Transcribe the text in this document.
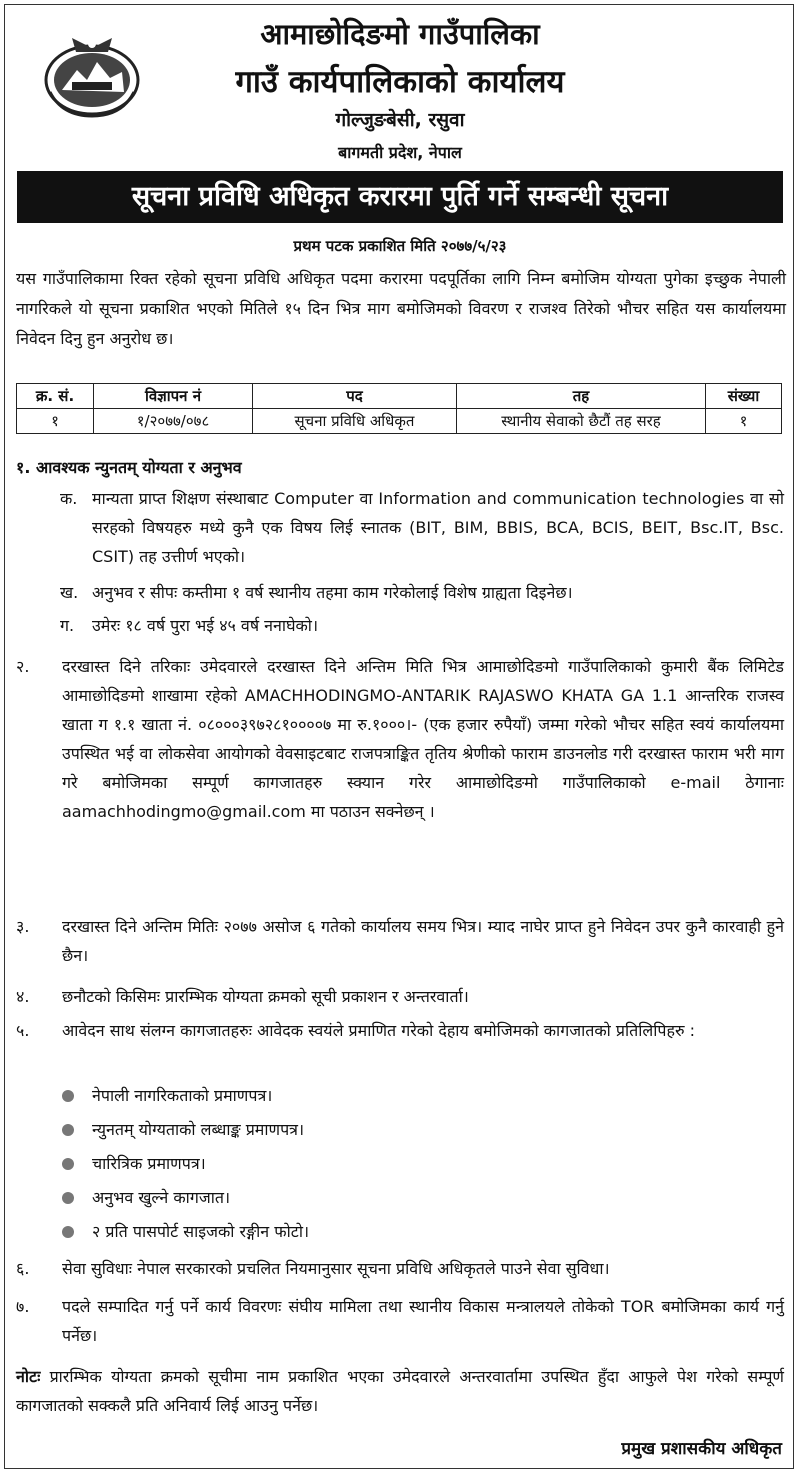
आमाछोदिङमो गाउँपालिका
गाउँ कार्यपालिकाको कार्यालय
गोल्जुङबेसी, रसुवा
बागमती प्रदेश, नेपाल
सूचना प्रविधि अधिकृत करारमा पुर्ति गर्ने सम्बन्धी सूचना
प्रथम पटक प्रकाशित मिति २०७७/५/२३
यस गाउँपालिकामा रिक्त रहेको सूचना प्रविधि अधिकृत पदमा करारमा पदपूर्तिका लागि निम्न बमोजिम योग्यता पुगेका इच्छुक नेपाली नागरिकले यो सूचना प्रकाशित भएको मितिले १५ दिन भित्र माग बमोजिमको विवरण र राजश्व तिरेको भौचर सहित यस कार्यालयमा निवेदन दिनु हुन अनुरोध छ।
क्र. सं.	विज्ञापन नं	पद	तह	संख्या
१	१/२०७७/०७८	सूचना प्रविधि अधिकृत	स्थानीय सेवाको छैटौं तह सरह	१
१. आवश्यक न्युनतम् योग्यता र अनुभव
क. मान्यता प्राप्त शिक्षण संस्थाबाट Computer वा Information and communication technologies वा सो सरहको विषयहरु मध्ये कुनै एक विषय लिई स्नातक (BIT, BIM, BBIS, BCA, BCIS, BEIT, Bsc.IT, Bsc. CSIT) तह उत्तीर्ण भएको।
ख. अनुभव र सीपः कम्तीमा १ वर्ष स्थानीय तहमा काम गरेकोलाई विशेष ग्राह्यता दिइनेछ।
ग.	उमेरः १८ वर्ष पुरा भई ४५ वर्ष ननाघेको।
२.	दरखास्त दिने तरिकाः उमेदवारले दरखास्त दिने अन्तिम मिति भित्र आमाछोदिङमो गाउँपालिकाको कुमारी बैंक लिमिटेड आमाछोदिङमो शाखामा रहेको AMACHHODINGMO-ANTARIK RAJASWO KHATA GA 1.1 आन्तरिक राजस्व खाता ग १.१ खाता नं. ०८०००३९७२८१००००७ मा रु.१०००।- (एक हजार रुपैयाँ) जम्मा गरेको भौचर सहित स्वयं कार्यालयमा उपस्थित भई वा लोकसेवा आयोगको वेवसाइटबाट राजपत्राङ्कित तृतिय श्रेणीको फाराम डाउनलोड गरी दरखास्त फाराम भरी माग गरे बमोजिमका सम्पूर्ण कागजातहरु स्क्यान गरेर आमाछोदिङमो गाउँपालिकाको e-mail ठेगानाः aamachhodingmo@gmail.com मा पठाउन सक्नेछन् ।
३.	दरखास्त दिने अन्तिम मितिः २०७७ असोज ६ गतेको कार्यालय समय भित्र। म्याद नाघेर प्राप्त हुने निवेदन उपर कुनै कारवाही हुने छैन।
४.	छनौटको किसिमः प्रारम्भिक योग्यता क्रमको सूची प्रकाशन र अन्तरवार्ता।
५.	आवेदन साथ संलग्न कागजातहरुः आवेदक स्वयंले प्रमाणित गरेको देहाय बमोजिमको कागजातको प्रतिलिपिहरु :
नेपाली नागरिकताको प्रमाणपत्र।
न्युनतम् योग्यताको लब्धाङ्क प्रमाणपत्र।
चारित्रिक प्रमाणपत्र।
अनुभव खुल्ने कागजात।
२ प्रति पासपोर्ट साइजको रङ्गीन फोटो।
६.	सेवा सुविधाः नेपाल सरकारको प्रचलित नियमानुसार सूचना प्रविधि अधिकृतले पाउने सेवा सुविधा।
७.	पदले सम्पादित गर्नु पर्ने कार्य विवरणः संघीय मामिला तथा स्थानीय विकास मन्त्रालयले तोकेको TOR बमोजिमका कार्य गर्नु पर्नेछ।
नोटः प्रारम्भिक योग्यता क्रमको सूचीमा नाम प्रकाशित भएका उमेदवारले अन्तरवार्तामा उपस्थित हुँदा आफुले पेश गरेको सम्पूर्ण कागजातको सक्कलै प्रति अनिवार्य लिई आउनु पर्नेछ।
प्रमुख प्रशासकीय अधिकृत
